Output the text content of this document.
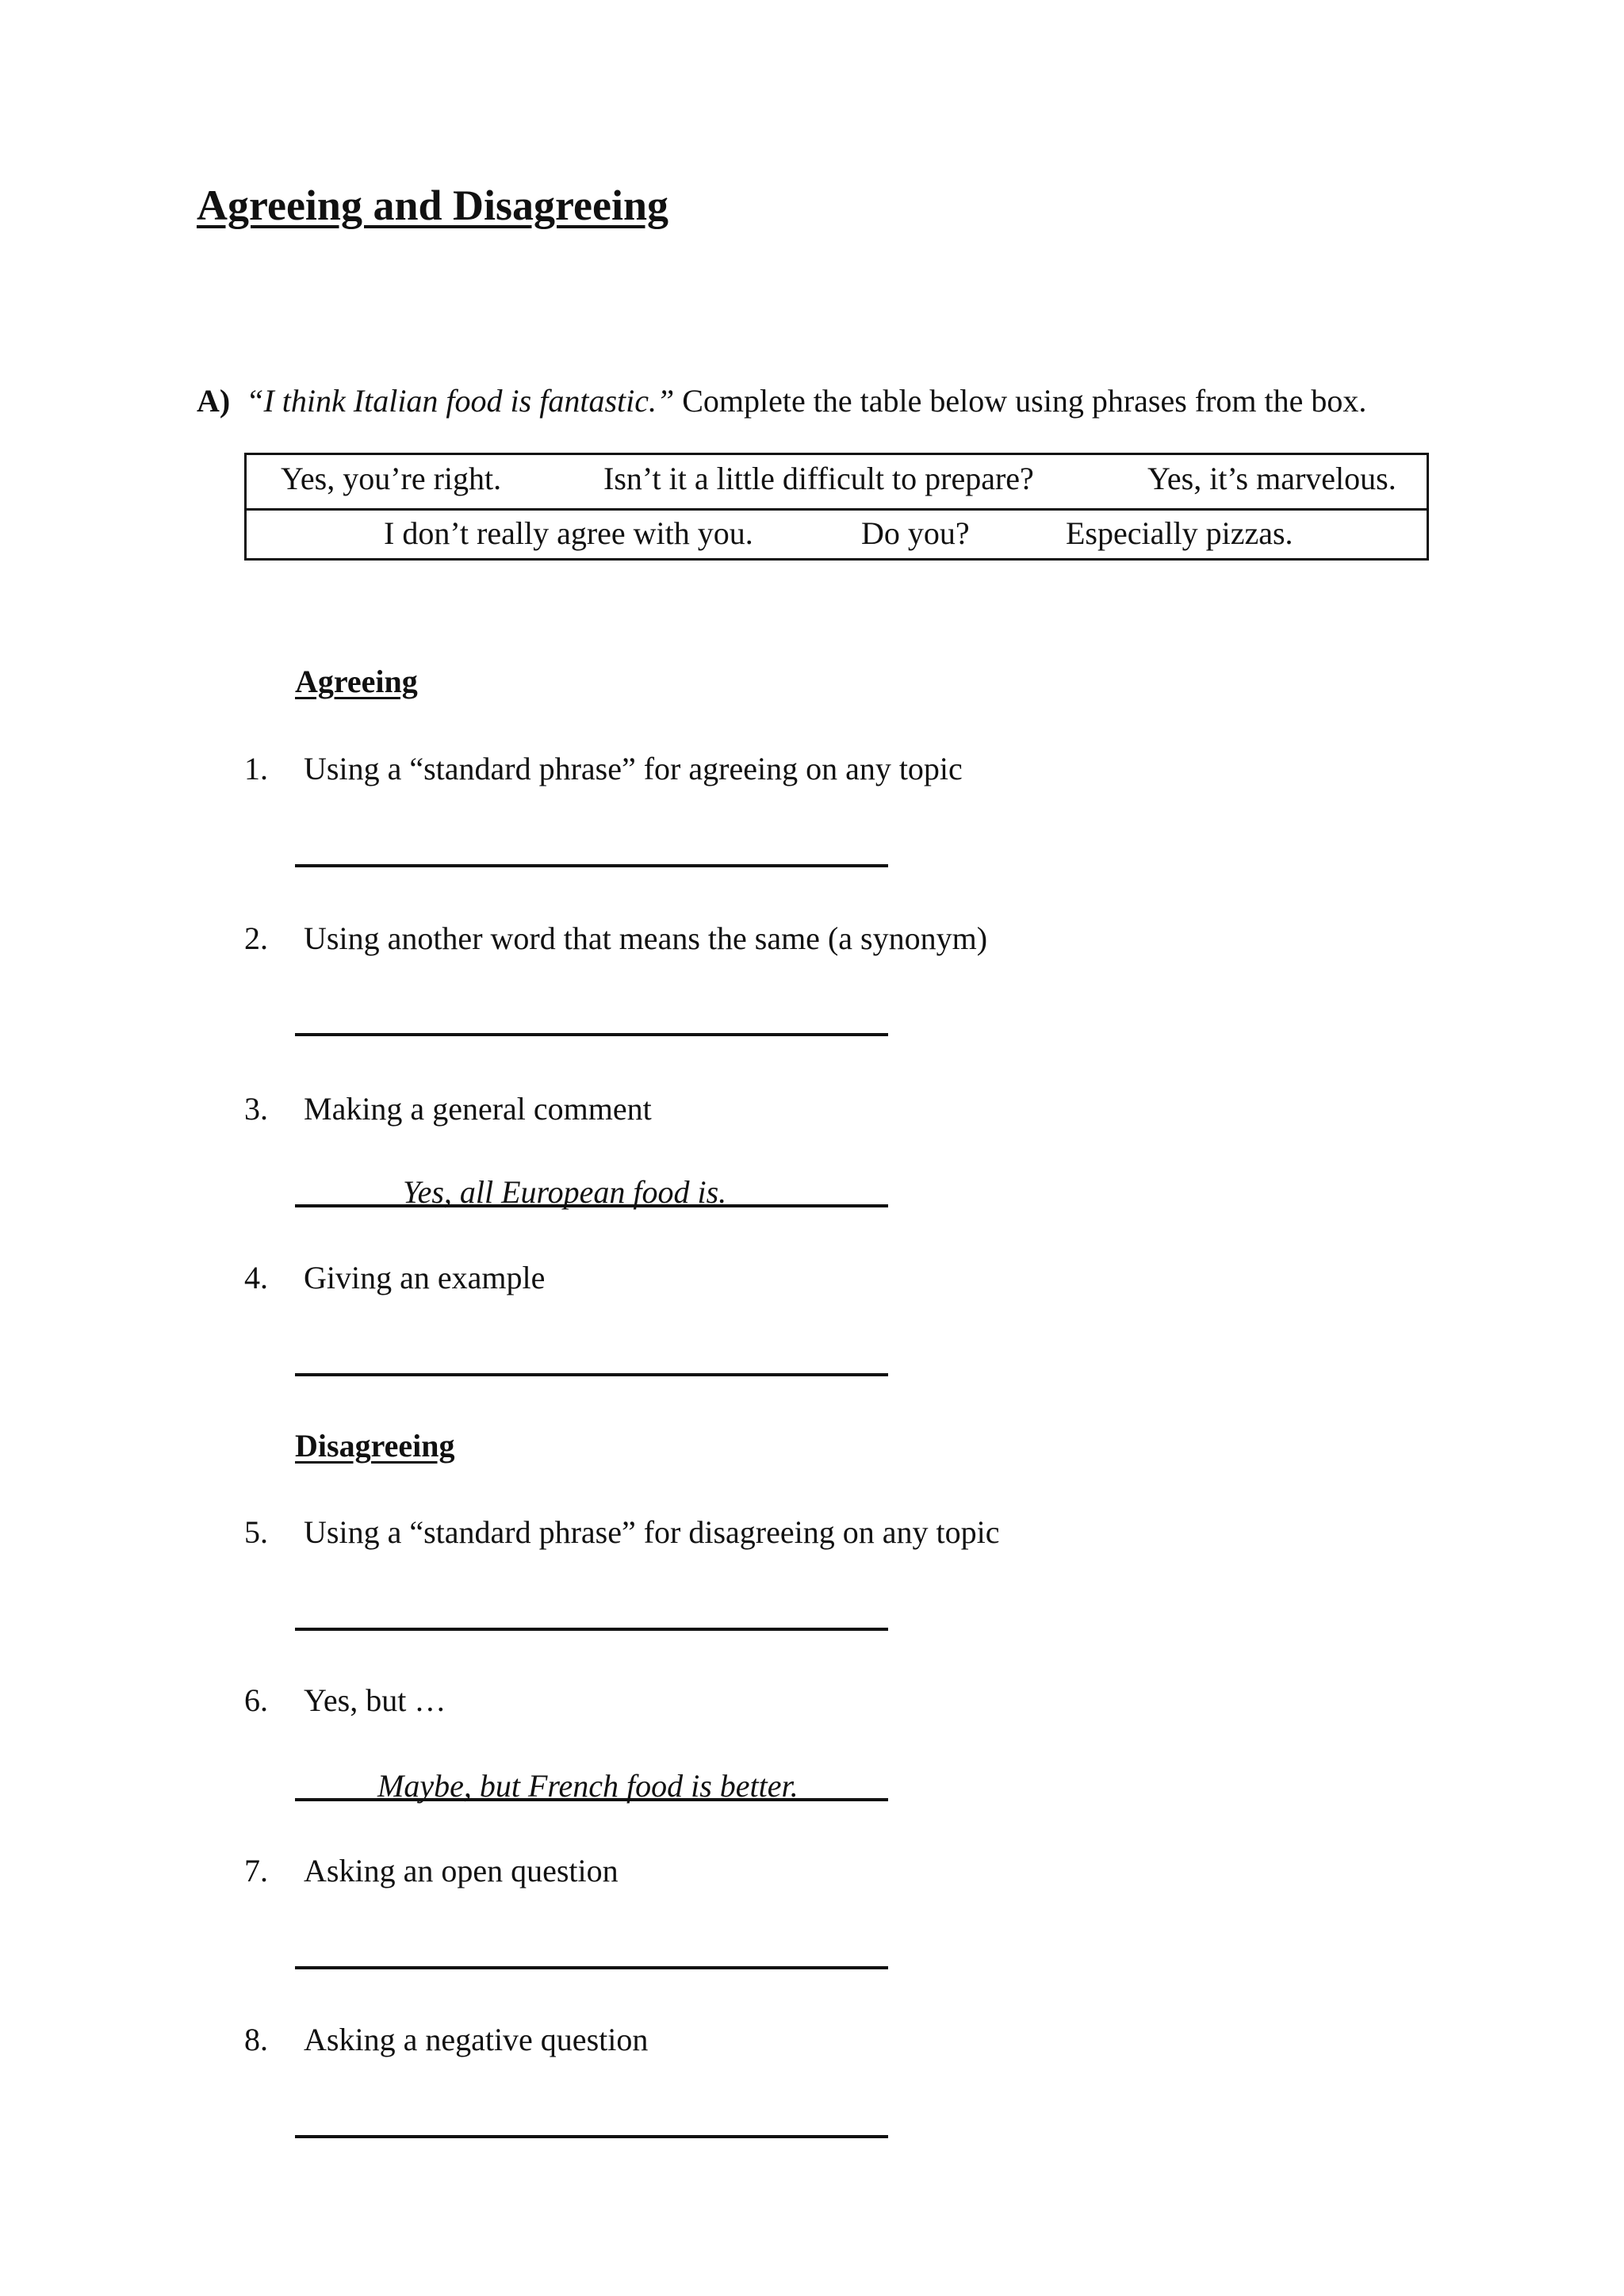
Agreeing and Disagreeing
A) “I think Italian food is fantastic.” Complete the table below using phrases from the box.
Yes, you’re right.	Isn’t it a little difficult to prepare?	Yes, it’s marvelous.
I don’t really agree with you.	Do you?	Especially pizzas.
Agreeing
1. Using a “standard phrase” for agreeing on any topic
2. Using another word that means the same (a synonym)
3. Making a general comment
Yes, all European food is.
4. Giving an example
Disagreeing
5. Using a “standard phrase” for disagreeing on any topic
6. Yes, but …
Maybe, but French food is better.
7. Asking an open question
8. Asking a negative question
